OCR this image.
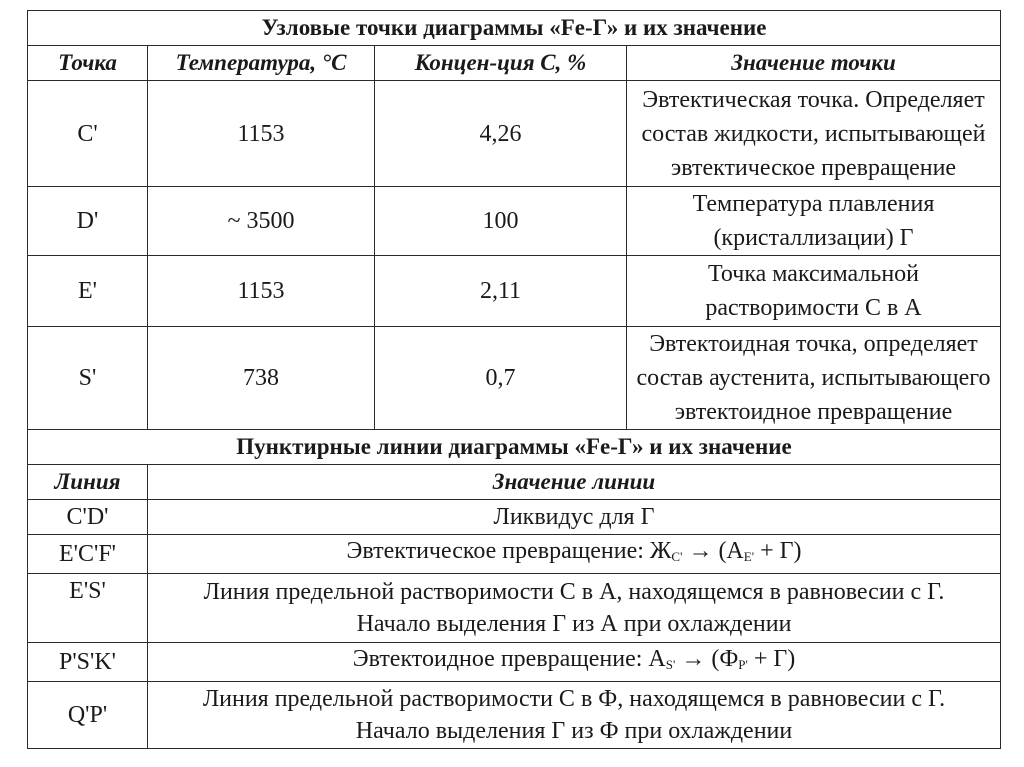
Узловые точки диаграммы «Fe-Г» и их значение			
Точка	Температура, °С	Концен-ция С, %	Значение точки
C'	1153	4,26	Эвтектическая точка. Определяет
состав жидкости, испытывающей
эвтектическое превращение

D'	~ 3500	100	Температура плавления
(кристаллизации) Г

E'	1153	2,11	Точка максимальной
растворимости С в А

S'	738	0,7	Эвтектоидная точка, определяет
состав аустенита, испытывающего
эвтектоидное превращение

Пунктирные линии диаграммы «Fe-Г» и их значение			
Линия	Значение линии		
C'D'	Ликвидус для Г		
E'C'F'	Эвтектическое превращение: $Ж_{C'} \to (А_{E'} + Г)$		
E'S'	Линия предельной растворимости С в А, находящемся в равновесии с Г.
Начало выделения Г из А при охлаждении		

P'S'K'	Эвтектоидное превращение: $А_{S'} \to (Ф_{P'} + Г)$		
Q'P'	Линия предельной растворимости С в Ф, находящемся в равновесии с Г.
Начало выделения Г из Ф при охлаждении		
